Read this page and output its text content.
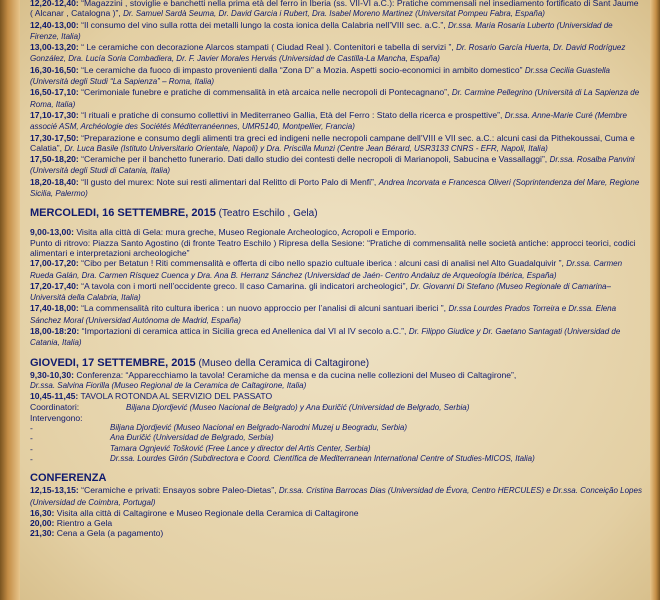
12,20-12,40: “Magazzini , stoviglie e banchetti nella prima età del ferro in Iberia (ss. VII-VI a.C.): Pratiche commensali nel insediamento fortificato di Sant Jaume ( Alcanar , Catalogna )”, Dr. Samuel Sardà Seuma, Dr. David Garcia i Rubert, Dra. Isabel Moreno Martinez (Universitat Pompeu Fabra, España)

12,40-13,00: “Il consumo del vino sulla rotta dei metalli lungo la costa ionica della Calabria nell’VIII sec. a.C.”, Dr.ssa. Maria Rosaria Luberto (Universidad de Firenze, Italia)

13,00-13,20: “ Le ceramiche con decorazione Alarcos stampati ( Ciudad Real ). Contenitori e tabella di servizi ”, Dr. Rosario García Huerta, Dr. David Rodríguez González, Dra. Lucía Soria Combadiera, Dr. F. Javier Morales Hervás (Universidad de Castilla-La Mancha, España)

16,30-16,50: “Le ceramiche da fuoco di impasto provenienti dalla “Zona D” a Mozia. Aspetti socio-economici in ambito domestico” Dr.ssa Cecilia Guastella (Università degli Studi “La Sapienza” – Roma, Italia)

16,50-17,10: “Cerimoniale funebre e pratiche di commensalità in età arcaica nelle necropoli di Pontecagnano”, Dr. Carmine Pellegrino (Università di La Sapienza de Roma, Italia)

17,10-17,30: “I rituali e pratiche di consumo collettivi in Mediterraneo Gallia, Età del Ferro : Stato della ricerca e prospettive”, Dr.ssa. Anne-Marie Curé (Membre associé ASM, Archéologie des Sociétés Méditerranéennes, UMR5140, Montpellier, Francia)

17,30-17,50: “Preparazione e consumo degli alimenti tra greci ed indigeni nelle necropoli campane dell’VIII e VII sec. a.C.: alcuni casi da Pithekoussai, Cuma e Calatia”, Dr. Luca Basile (Istituto Universitario Orientale, Napoli) y Dra. Priscilla Munzi (Centre Jean Bérard, USR3133 CNRS - EFR, Napoli, Italia)

17,50-18,20: “Ceramiche per il banchetto funerario. Dati dallo studio dei contesti delle necropoli di Marianopoli, Sabucina e Vassallaggi”, Dr.ssa. Rosalba Panvini (Università degli Studi di Catania, Italia)

18,20-18,40: “Il gusto del murex: Note sui resti alimentari dal Relitto di Porto Palo di Menfi”, Andrea Incorvata e Francesca Oliveri (Soprintendenza del Mare, Regione Sicilia, Palermo)

MERCOLEDI, 16 SETTEMBRE, 2015 (Teatro Eschilo , Gela)

9,00-13,00: Visita alla città di Gela: mura greche, Museo Regionale Archeologico, Acropoli e Emporio.

Punto di ritrovo: Piazza Santo Agostino (di fronte Teatro Eschilo ) Ripresa della Sesione: “Pratiche di commensalità nelle società antiche: approcci teorici, codici alimentari e interpretazioni archeologiche”

17,00-17,20: “Cibo per Betatun ! Riti commensalità e offerta di cibo nello spazio cultuale iberica : alcuni casi di analisi nel Alto Guadalquivir ”, Dr.ssa. Carmen Rueda Galán, Dra. Carmen Rísquez Cuenca y Dra. Ana B. Herranz Sánchez (Universidad de Jaén- Centro Andaluz de Arqueología Ibérica, España)

17,20-17,40: “A tavola con i morti nell’occidente greco. Il caso Camarina. gli indicatori archeologici”, Dr. Giovanni Di Stefano (Museo Regionale di Camarina–Università della Calabria, Italia)

17,40-18,00: “La commensalità rito cultura iberica : un nuovo approccio per l’analisi di alcuni santuari iberici ”, Dr.ssa Lourdes Prados Torreira e Dr.ssa. Elena Sánchez Moral (Universidad Autónoma de Madrid, España)

18,00-18:20: “Importazioni di ceramica attica in Sicilia greca ed Anellenica dal VI al IV secolo a.C.”, Dr. Filippo Giudice y Dr. Gaetano Santagati (Universidad de Catania, Italia)

GIOVEDI, 17 SETTEMBRE, 2015 (Museo della Ceramica di Caltagirone)

9,30-10,30: Conferenza: “Apparecchiamo la tavola! Ceramiche da mensa e da cucina nelle collezioni del Museo di Caltagirone”,
Dr.ssa. Salvina Fiorilla (Museo Regional de la Ceramica de Caltagirone, Italia)

10,45-11,45: TAVOLA ROTONDA AL SERVIZIO DEL PASSATO

Coordinatori:	Biljana Djordjević (Museo Nacional de Belgrado) y Ana Đuričić (Universidad de Belgrado, Serbia)

Intervengono:

-	Biljana Djordjević (Museo Nacional en Belgrado-Narodni Muzej u Beogradu, Serbia)
-	Ana Đuričić (Universidad de Belgrado, Serbia)
-	Tamara Ognjević Tošković (Free Lance y director del Artis Center, Serbia)
-	Dr.ssa. Lourdes Girón (Subdirectora e Coord. Científica de Mediterranean International Centre of Studies-MICOS, Italia)
CONFERENZA

12,15-13,15: “Ceramiche e privati: Ensayos sobre Paleo-Dietas”, Dr.ssa. Cristina Barrocas Dias (Universidad de Évora, Centro HERCULES) e Dr.ssa. Conceição Lopes (Universidad de Coimbra, Portugal)

16,30: Visita alla città di Caltagirone e Museo Regionale della Ceramica di Caltagirone

20,00: Rientro a Gela

21,30: Cena a Gela (a pagamento)
